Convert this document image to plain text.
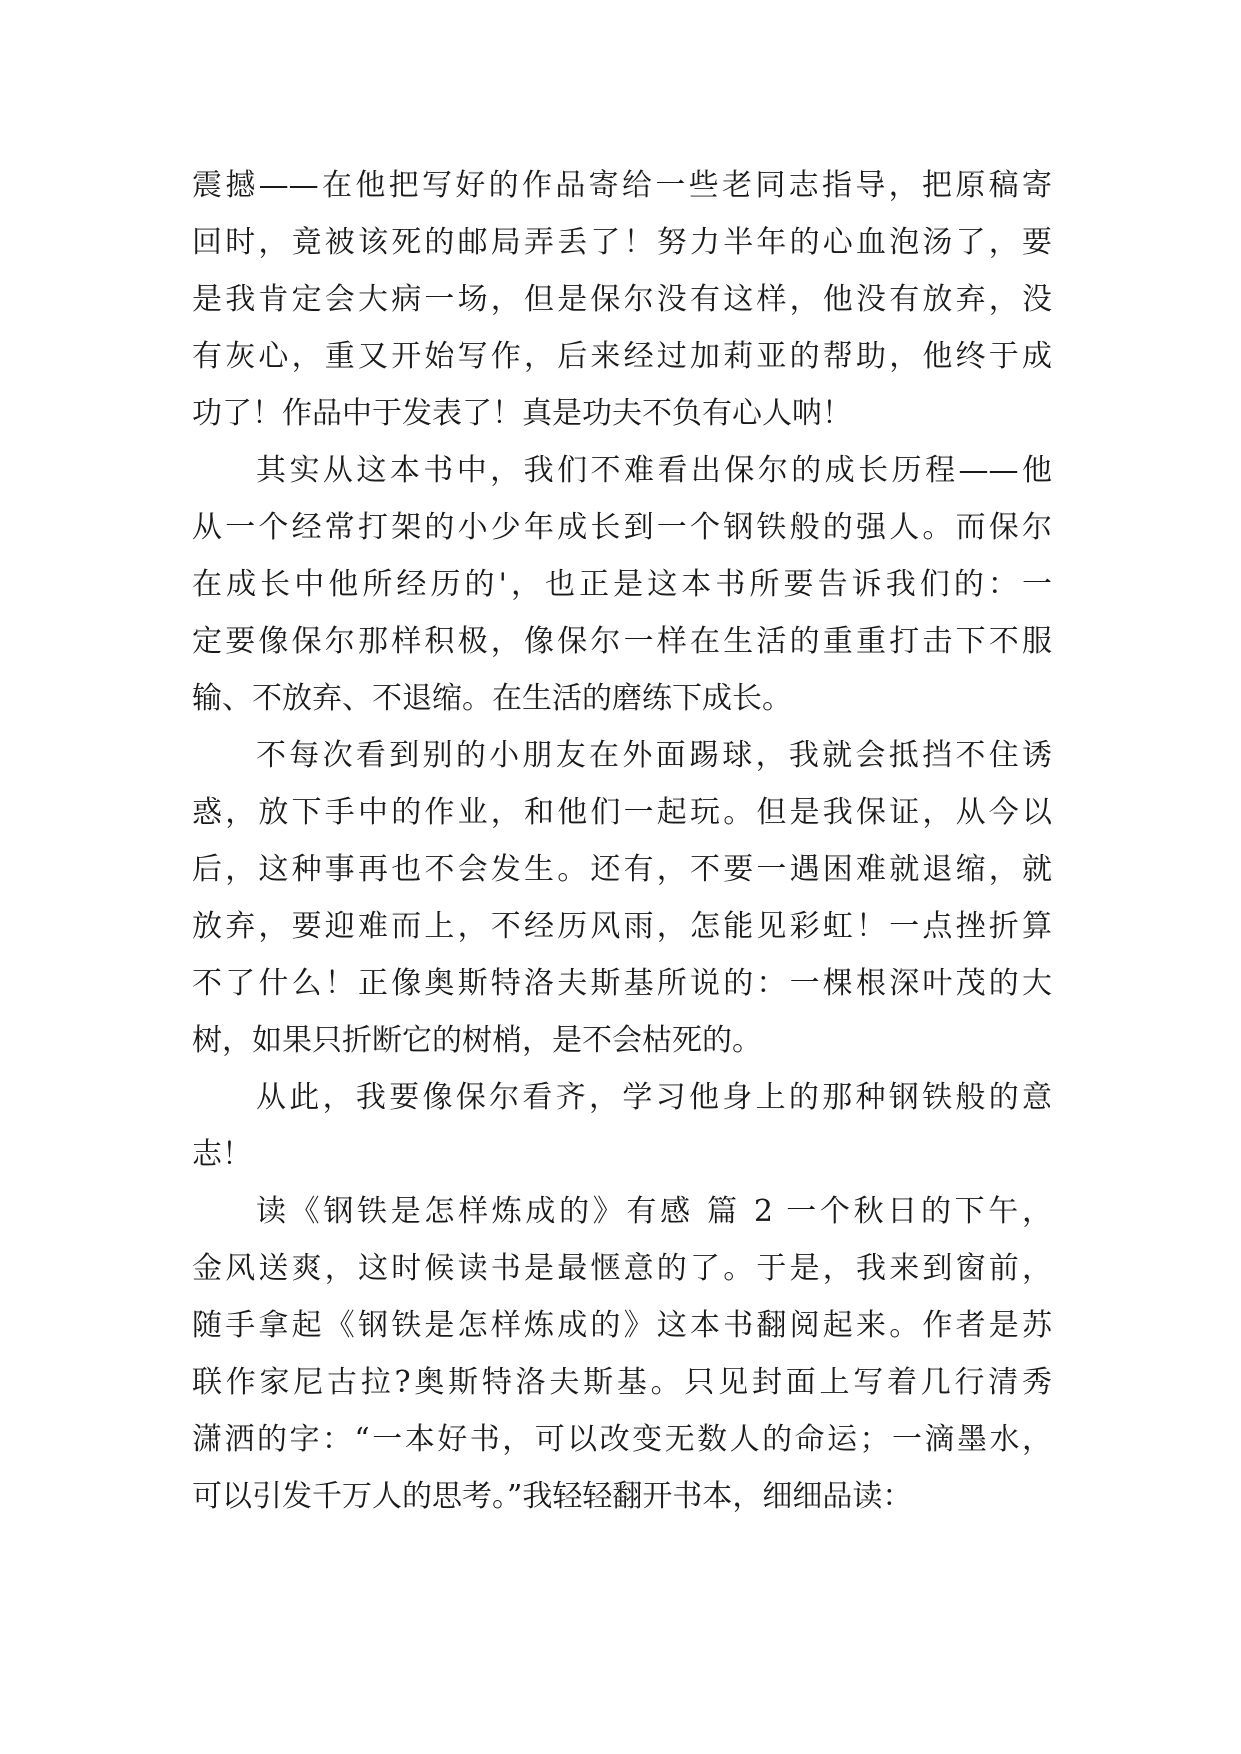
震撼——在他把写好的作品寄给一些老同志指导，把原稿寄
回时，竟被该死的邮局弄丢了！努力半年的心血泡汤了，要
是我肯定会大病一场，但是保尔没有这样，他没有放弃，没
有灰心，重又开始写作，后来经过加莉亚的帮助，他终于成
功了！作品中于发表了！真是功夫不负有心人呐！
其实从这本书中，我们不难看出保尔的成长历程——他
从一个经常打架的小少年成长到一个钢铁般的强人。而保尔
在成长中他所经历的'，也正是这本书所要告诉我们的：一
定要像保尔那样积极，像保尔一样在生活的重重打击下不服
输、不放弃、不退缩。在生活的磨练下成长。
不每次看到别的小朋友在外面踢球，我就会抵挡不住诱
惑，放下手中的作业，和他们一起玩。但是我保证，从今以
后，这种事再也不会发生。还有，不要一遇困难就退缩，就
放弃，要迎难而上，不经历风雨，怎能见彩虹！一点挫折算
不了什么！正像奥斯特洛夫斯基所说的：一棵根深叶茂的大
树，如果只折断它的树梢，是不会枯死的。
从此，我要像保尔看齐，学习他身上的那种钢铁般的意
志！
读《钢铁是怎样炼成的》有感 篇 2 一个秋日的下午，
金风送爽，这时候读书是最惬意的了。于是，我来到窗前，
随手拿起《钢铁是怎样炼成的》这本书翻阅起来。作者是苏
联作家尼古拉?奥斯特洛夫斯基。只见封面上写着几行清秀
潇洒的字：“一本好书，可以改变无数人的命运；一滴墨水，
可以引发千万人的思考。”我轻轻翻开书本，细细品读：
